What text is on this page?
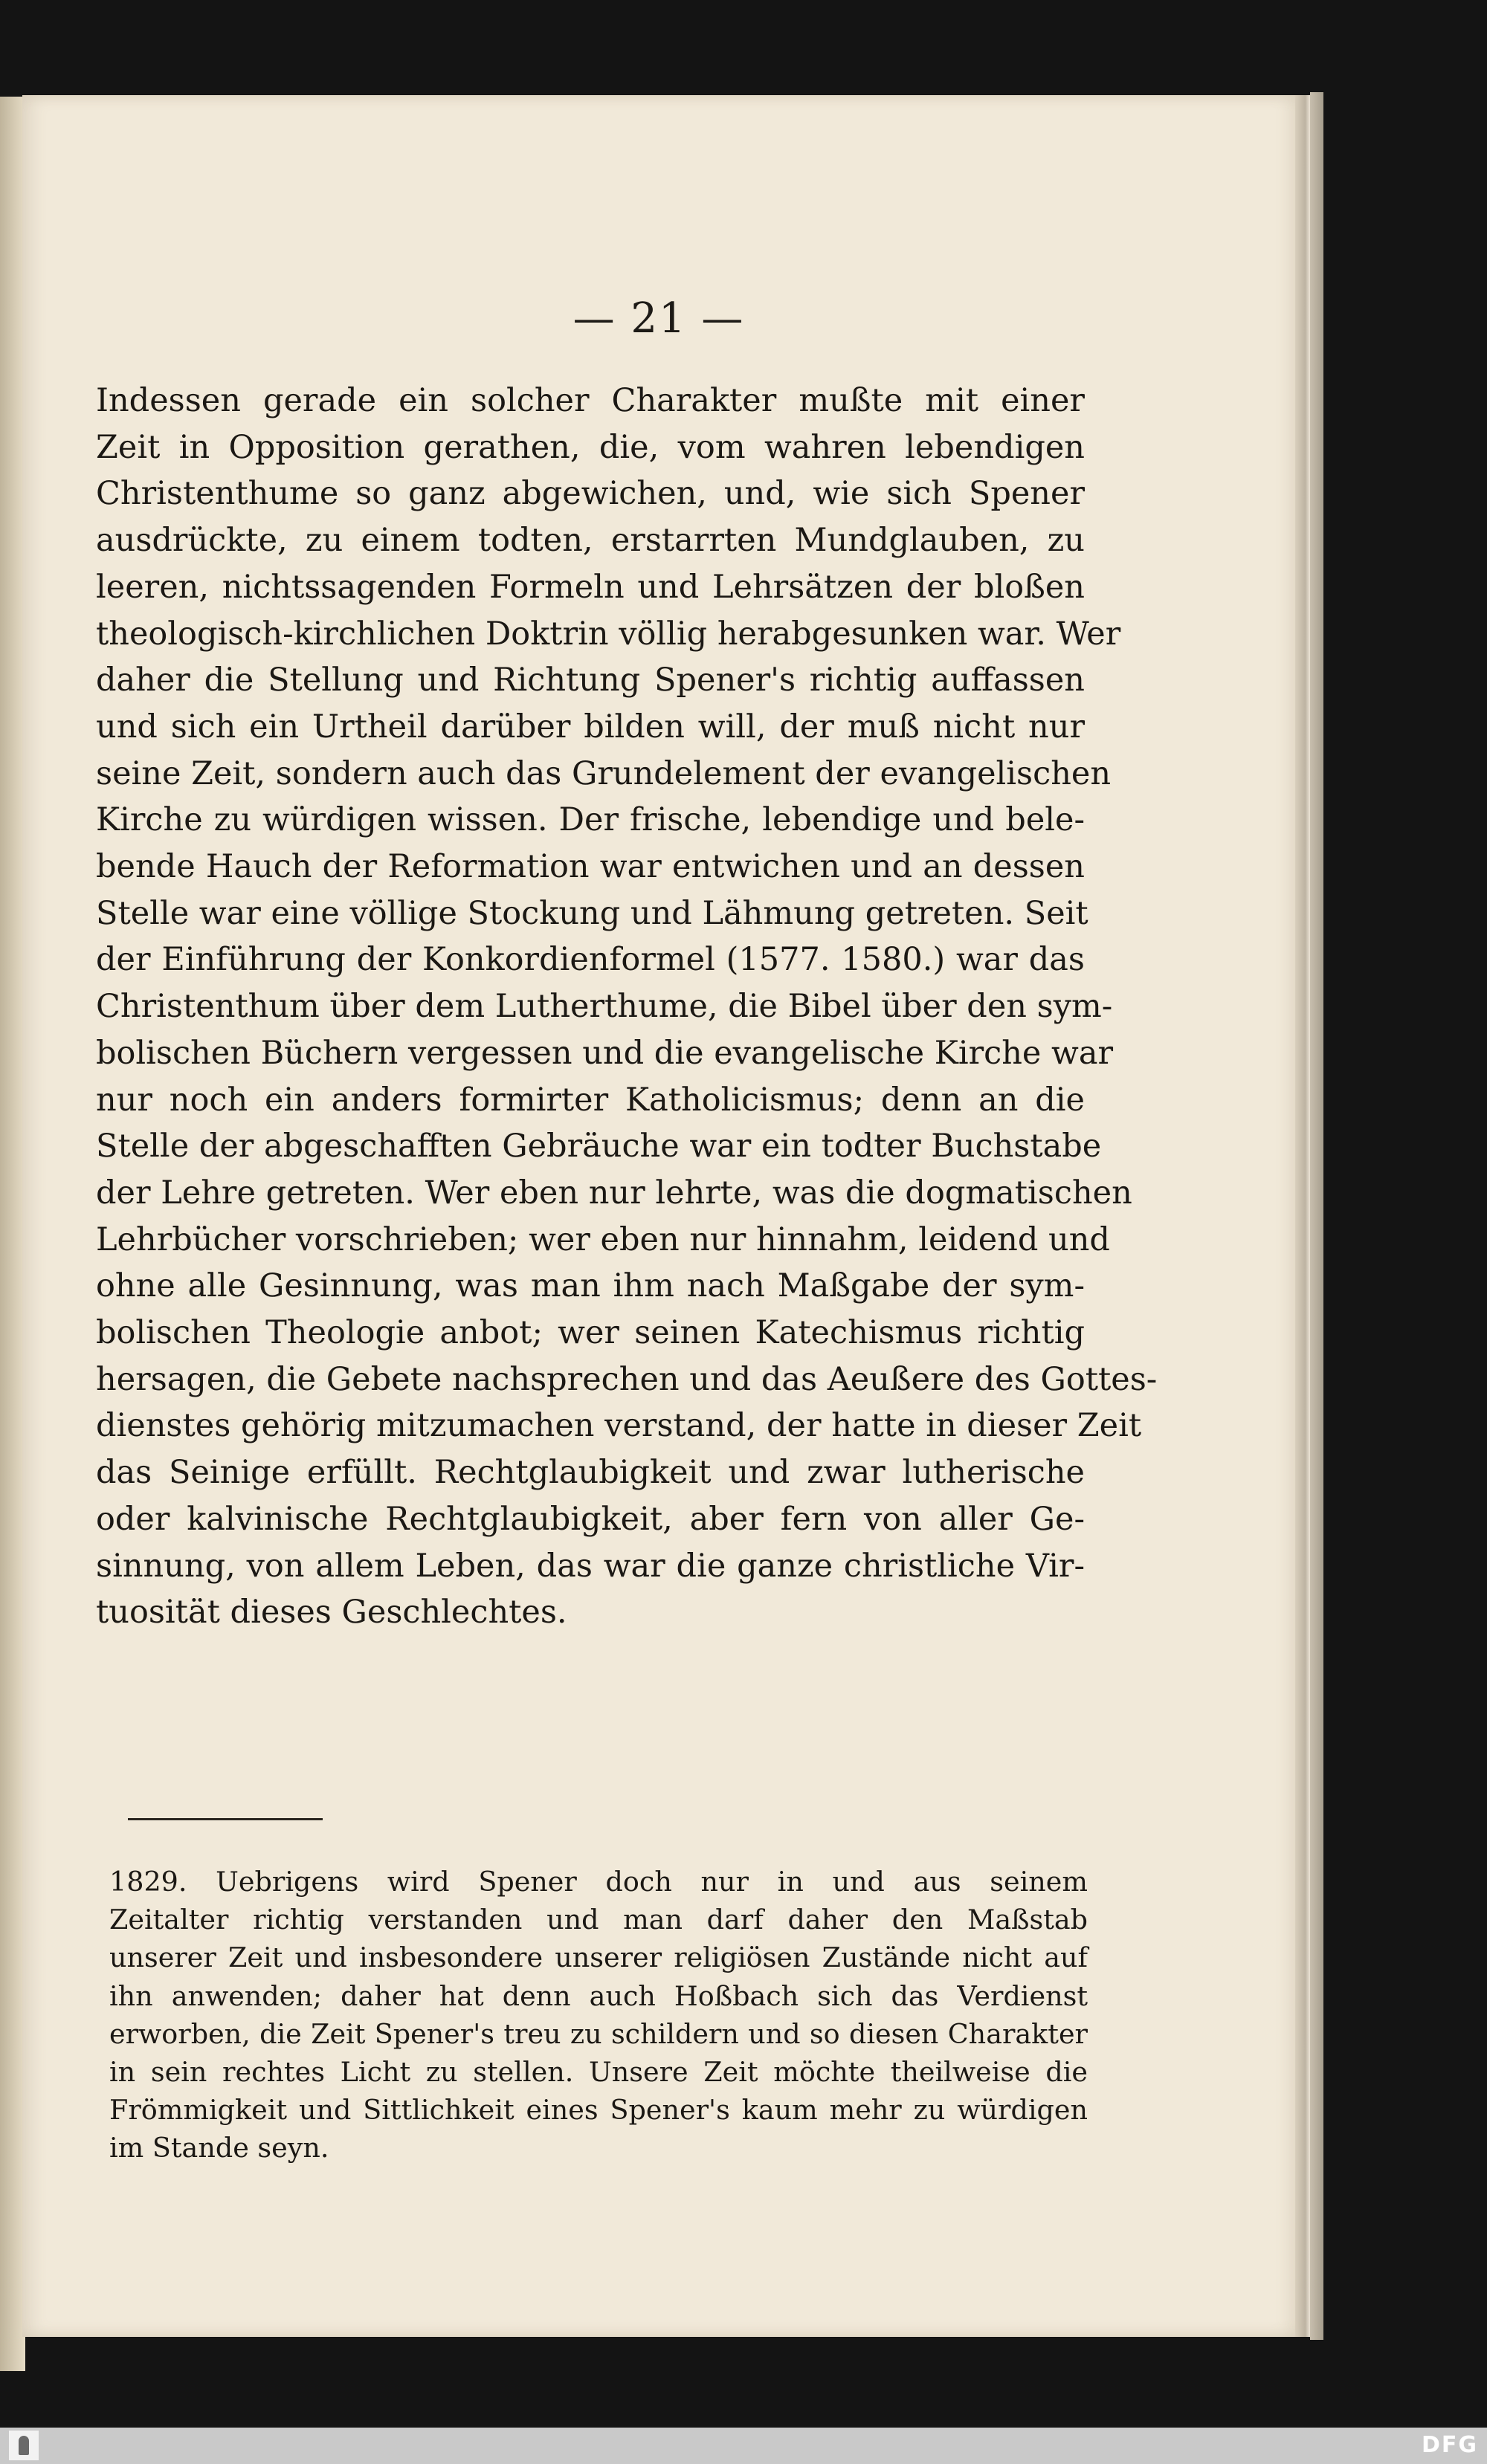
— 21 —

Indessen gerade ein solcher Charakter mußte mit einer
Zeit in Opposition gerathen, die, vom wahren lebendigen
Christenthume so ganz abgewichen, und, wie sich Spener
ausdrückte, zu einem todten, erstarrten Mundglauben, zu
leeren, nichtssagenden Formeln und Lehrsätzen der bloßen
theologisch-kirchlichen Doktrin völlig herabgesunken war. Wer
daher die Stellung und Richtung Spener's richtig auffassen
und sich ein Urtheil darüber bilden will, der muß nicht nur
seine Zeit, sondern auch das Grundelement der evangelischen
Kirche zu würdigen wissen. Der frische, lebendige und bele-
bende Hauch der Reformation war entwichen und an dessen
Stelle war eine völlige Stockung und Lähmung getreten. Seit
der Einführung der Konkordienformel (1577. 1580.) war das
Christenthum über dem Lutherthume, die Bibel über den sym-
bolischen Büchern vergessen und die evangelische Kirche war
nur noch ein anders formirter Katholicismus; denn an die
Stelle der abgeschafften Gebräuche war ein todter Buchstabe
der Lehre getreten. Wer eben nur lehrte, was die dogmatischen
Lehrbücher vorschrieben; wer eben nur hinnahm, leidend und
ohne alle Gesinnung, was man ihm nach Maßgabe der sym-
bolischen Theologie anbot; wer seinen Katechismus richtig
hersagen, die Gebete nachsprechen und das Aeußere des Gottes-
dienstes gehörig mitzumachen verstand, der hatte in dieser Zeit
das Seinige erfüllt. Rechtglaubigkeit und zwar lutherische
oder kalvinische Rechtglaubigkeit, aber fern von aller Ge-
sinnung, von allem Leben, das war die ganze christliche Vir-
tuosität dieses Geschlechtes.

1829. Uebrigens wird Spener doch nur in und aus seinem
Zeitalter richtig verstanden und man darf daher den Maßstab
unserer Zeit und insbesondere unserer religiösen Zustände nicht auf
ihn anwenden; daher hat denn auch Hoßbach sich das Verdienst
erworben, die Zeit Spener's treu zu schildern und so diesen Charakter
in sein rechtes Licht zu stellen. Unsere Zeit möchte theilweise die
Frömmigkeit und Sittlichkeit eines Spener's kaum mehr zu würdigen
im Stande seyn.

DFG
